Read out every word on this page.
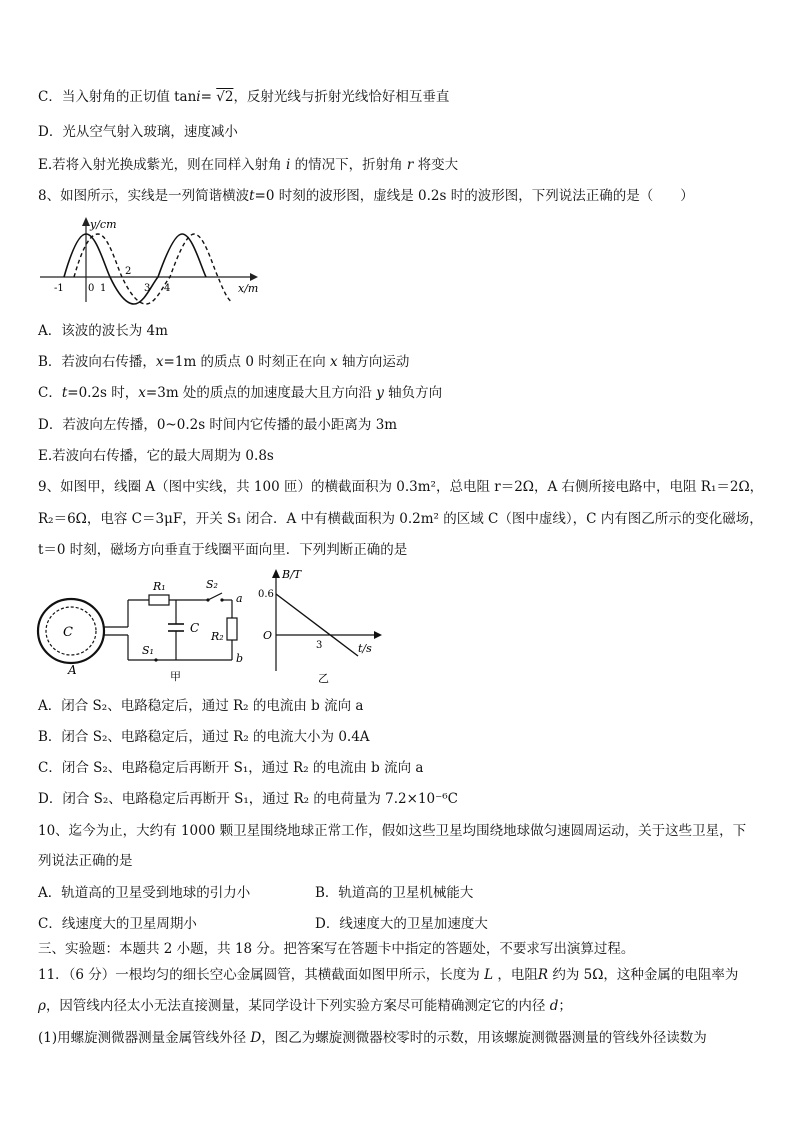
C．当入射角的正切值 tani= √2，反射光线与折射光线恰好相互垂直
D．光从空气射入玻璃，速度减小
E.若将入射光换成紫光，则在同样入射角 i 的情况下，折射角 r 将变大
8、如图所示，实线是一列简谐横波t=0 时刻的波形图，虚线是 0.2s 时的波形图，下列说法正确的是（　　）
y/cm
x/m
-1 0 1
2
3 4
A．该波的波长为 4m
B．若波向右传播，x=1m 的质点 0 时刻正在向 x 轴方向运动
C．t=0.2s 时，x=3m 处的质点的加速度最大且方向沿 y 轴负方向
D．若波向左传播，0~0.2s 时间内它传播的最小距离为 3m
E.若波向右传播，它的最大周期为 0.8s
9、如图甲，线圈 A（图中实线，共 100 匝）的横截面积为 0.3m²，总电阻 r＝2Ω，A 右侧所接电路中，电阻 R₁＝2Ω，
R₂＝6Ω，电容 C＝3μF，开关 S₁ 闭合．A 中有横截面积为 0.2m² 的区域 C（图中虚线），C 内有图乙所示的变化磁场，
t＝0 时刻，磁场方向垂直于线圈平面向里．下列判断正确的是
C
A
R₁	S₂
a
C
R₂
S₁
b
甲
B/T
0.6
O
3	t/s
乙
A．闭合 S₂、电路稳定后，通过 R₂ 的电流由 b 流向 a
B．闭合 S₂、电路稳定后，通过 R₂ 的电流大小为 0.4A
C．闭合 S₂、电路稳定后再断开 S₁，通过 R₂ 的电流由 b 流向 a
D．闭合 S₂、电路稳定后再断开 S₁，通过 R₂ 的电荷量为 7.2×10⁻⁶C
10、迄今为止，大约有 1000 颗卫星围绕地球正常工作，假如这些卫星均围绕地球做匀速圆周运动，关于这些卫星，下
列说法正确的是
A．轨道高的卫星受到地球的引力小	B．轨道高的卫星机械能大
C．线速度大的卫星周期小	D．线速度大的卫星加速度大
三、实验题：本题共 2 小题，共 18 分。把答案写在答题卡中指定的答题处，不要求写出演算过程。
11．（6 分）一根均匀的细长空心金属圆管，其横截面如图甲所示，长度为 L ，电阻R 约为 5Ω，这种金属的电阻率为
ρ，因管线内径太小无法直接测量，某同学设计下列实验方案尽可能精确测定它的内径 d；
(1)用螺旋测微器测量金属管线外径 D，图乙为螺旋测微器校零时的示数，用该螺旋测微器测量的管线外径读数为
